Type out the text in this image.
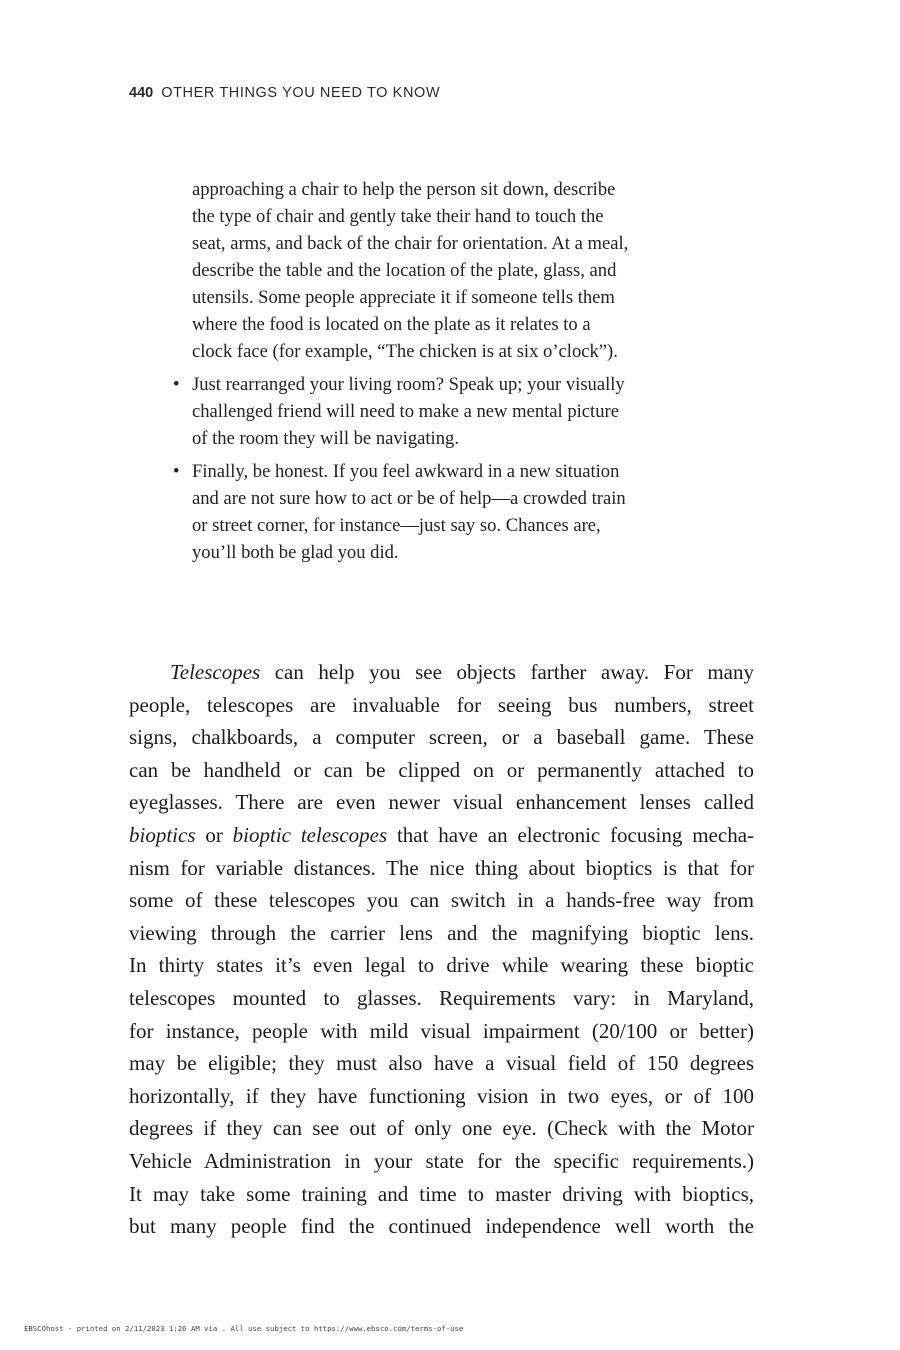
440 OTHER THINGS YOU NEED TO KNOW
approaching a chair to help the person sit down, describe
the type of chair and gently take their hand to touch the
seat, arms, and back of the chair for orientation. At a meal,
describe the table and the location of the plate, glass, and
utensils. Some people appreciate it if someone tells them
where the food is located on the plate as it relates to a
clock face (for example, “The chicken is at six o’clock”).
• Just rearranged your living room? Speak up; your visually
challenged friend will need to make a new mental picture
of the room they will be navigating.
• Finally, be honest. If you feel awkward in a new situation
and are not sure how to act or be of help—a crowded train
or street corner, for instance—just say so. Chances are,
you’ll both be glad you did.
Telescopes can help you see objects farther away. For many
people, telescopes are invaluable for seeing bus numbers, street
signs, chalkboards, a computer screen, or a baseball game. These
can be handheld or can be clipped on or permanently attached to
eyeglasses. There are even newer visual enhancement lenses called
bioptics or bioptic telescopes that have an electronic focusing mecha-
nism for variable distances. The nice thing about bioptics is that for
some of these telescopes you can switch in a hands-free way from
viewing through the carrier lens and the magnifying bioptic lens.
In thirty states it’s even legal to drive while wearing these bioptic
telescopes mounted to glasses. Requirements vary: in Maryland,
for instance, people with mild visual impairment (20/100 or better)
may be eligible; they must also have a visual field of 150 degrees
horizontally, if they have functioning vision in two eyes, or of 100
degrees if they can see out of only one eye. (Check with the Motor
Vehicle Administration in your state for the specific requirements.)
It may take some training and time to master driving with bioptics,
but many people find the continued independence well worth the
EBSCOhost - printed on 2/11/2023 1:26 AM via . All use subject to https://www.ebsco.com/terms-of-use
